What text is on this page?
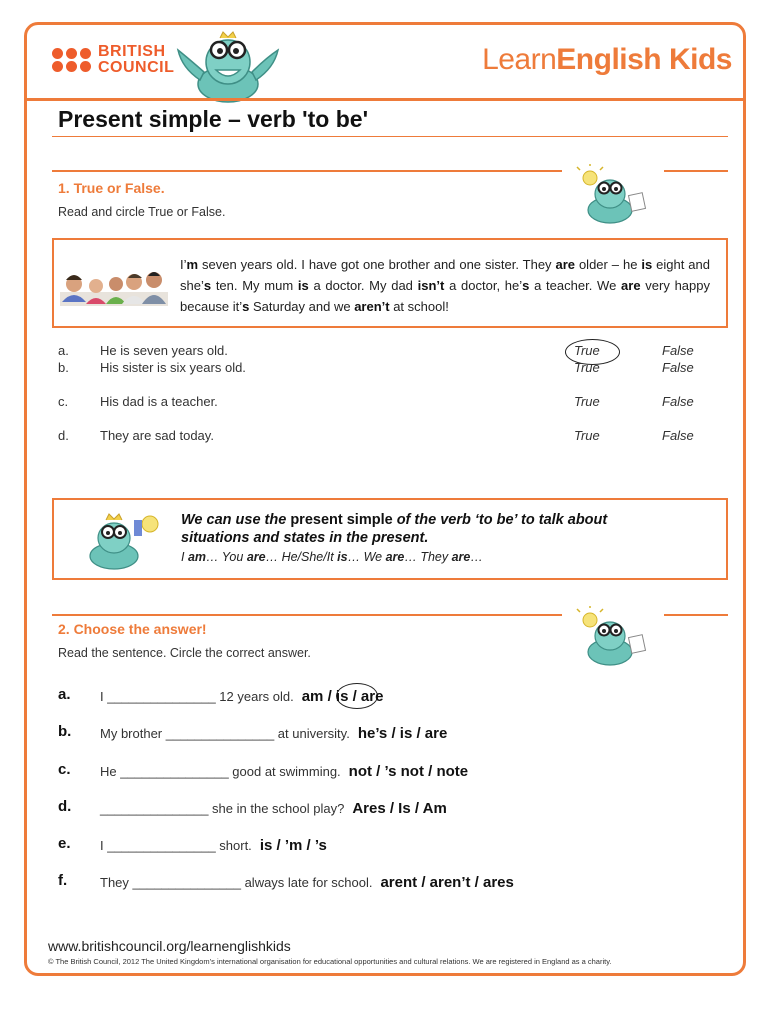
BRITISH
COUNCIL	LearnEnglish Kids
Present simple – verb 'to be'
1. True or False.
Read and circle True or False.
I’m seven years old. I have got one brother and one sister. They are older – he is eight and she’s ten. My mum is a doctor. My dad isn’t a doctor, he’s a teacher. We are very happy because it’s Saturday and we aren’t at school!
a. He is seven years old.	True	False
b. His sister is six years old.	True	False
c. His dad is a teacher.	True	False
d. They are sad today.	True	False
We can use the present simple of the verb ‘to be’ to talk about situations and states in the present.
I am… You are… He/She/It is… We are… They are…
2. Choose the answer!
Read the sentence. Circle the correct answer.
a. I _______________ 12 years old. am / is / are
b. My brother _______________ at university. he’s / is / are
c. He _______________ good at swimming. not / ’s not / note
d. _______________ she in the school play? Ares / Is / Am
e. I _______________ short. is / ’m / ’s
f.	They _______________ always late for school. arent / aren’t / ares
www.britishcouncil.org/learnenglishkids
© The British Council, 2012 The United Kingdom’s international organisation for educational opportunities and cultural relations. We are registered in England as a charity.
